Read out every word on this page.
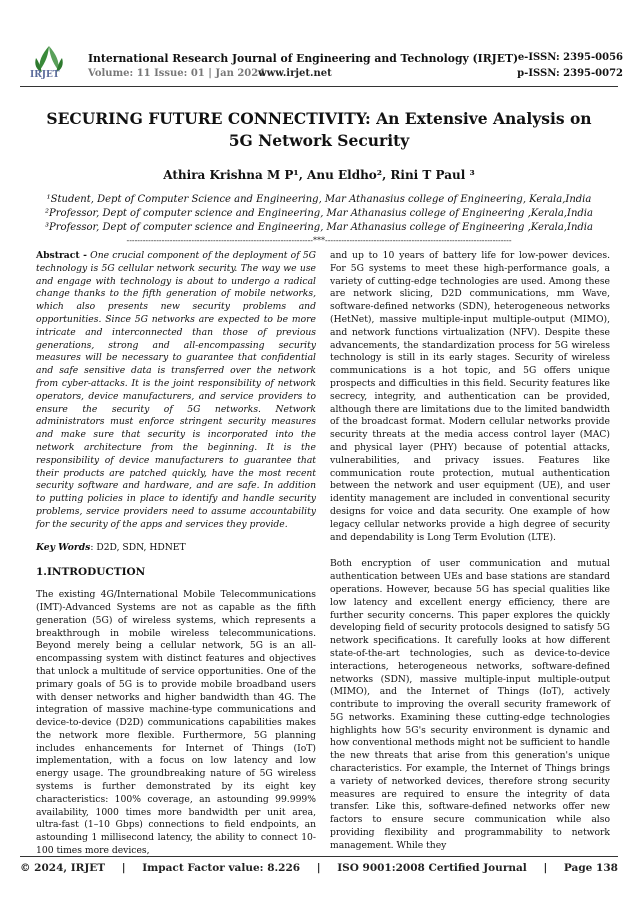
IRJET
International Research Journal of Engineering and Technology (IRJET)
Volume: 11 Issue: 01 | Jan 2024
www.irjet.net
e-ISSN: 2395-0056
p-ISSN: 2395-0072
SECURING FUTURE CONNECTIVITY: An Extensive Analysis on 5G Network Security
Athira Krishna M P¹, Anu Eldho², Rini T Paul ³
¹Student, Dept of Computer Science and Engineering, Mar Athanasius college of Engineering, Kerala,India
²Professor, Dept of computer science and Engineering, Mar Athanasius college of Engineering ,Kerala,India
³Professor, Dept of computer science and Engineering, Mar Athanasius college of Engineering ,Kerala,India
---------------------------------------------------------------------***---------------------------------------------------------------------

Abstract - One crucial component of the deployment of 5G technology is 5G cellular network security. The way we use and engage with technology is about to undergo a radical change thanks to the fifth generation of mobile networks, which also presents new security problems and opportunities. Since 5G networks are expected to be more intricate and interconnected than those of previous generations, strong and all-encompassing security measures will be necessary to guarantee that confidential and safe sensitive data is transferred over the network from cyber-attacks. It is the joint responsibility of network operators, device manufacturers, and service providers to ensure the security of 5G networks. Network administrators must enforce stringent security measures and make sure that security is incorporated into the network architecture from the beginning. It is the responsibility of device manufacturers to guarantee that their products are patched quickly, have the most recent security software and hardware, and are safe. In addition to putting policies in place to identify and handle security problems, service providers need to assume accountability for the security of the apps and services they provide.

Key Words: D2D, SDN, HDNET

1.INTRODUCTION

The existing 4G/International Mobile Telecommunications (IMT)-Advanced Systems are not as capable as the fifth generation (5G) of wireless systems, which represents a breakthrough in mobile wireless telecommunications. Beyond merely being a cellular network, 5G is an all-encompassing system with distinct features and objectives that unlock a multitude of service opportunities. One of the primary goals of 5G is to provide mobile broadband users with denser networks and higher bandwidth than 4G. The integration of massive machine-type communications and device-to-device (D2D) communications capabilities makes the network more flexible. Furthermore, 5G planning includes enhancements for Internet of Things (IoT) implementation, with a focus on low latency and low energy usage. The groundbreaking nature of 5G wireless systems is further demonstrated by its eight key characteristics: 100% coverage, an astounding 99.999% availability, 1000 times more bandwidth per unit area, ultra-fast (1–10 Gbps) connections to field endpoints, an astounding 1 millisecond latency, the ability to connect 10-100 times more devices,

and up to 10 years of battery life for low-power devices. For 5G systems to meet these high-performance goals, a variety of cutting-edge technologies are used. Among these are network slicing, D2D communications, mm Wave, software-defined networks (SDN), heterogeneous networks (HetNet), massive multiple-input multiple-output (MIMO), and network functions virtualization (NFV). Despite these advancements, the standardization process for 5G wireless technology is still in its early stages. Security of wireless communications is a hot topic, and 5G offers unique prospects and difficulties in this field. Security features like secrecy, integrity, and authentication can be provided, although there are limitations due to the limited bandwidth of the broadcast format. Modern cellular networks provide security threats at the media access control layer (MAC) and physical layer (PHY) because of potential attacks, vulnerabilities, and privacy issues. Features like communication route protection, mutual authentication between the network and user equipment (UE), and user identity management are included in conventional security designs for voice and data security. One example of how legacy cellular networks provide a high degree of security and dependability is Long Term Evolution (LTE).

Both encryption of user communication and mutual authentication between UEs and base stations are standard operations. However, because 5G has special qualities like low latency and excellent energy efficiency, there are further security concerns. This paper explores the quickly developing field of security protocols designed to satisfy 5G network specifications. It carefully looks at how different state-of-the-art technologies, such as device-to-device interactions, heterogeneous networks, software-defined networks (SDN), massive multiple-input multiple-output (MIMO), and the Internet of Things (IoT), actively contribute to improving the overall security framework of 5G networks. Examining these cutting-edge technologies highlights how 5G's security environment is dynamic and how conventional methods might not be sufficient to handle the new threats that arise from this generation's unique characteristics. For example, the Internet of Things brings a variety of networked devices, therefore strong security measures are required to ensure the integrity of data transfer. Like this, software-defined networks offer new factors to ensure secure communication while also providing flexibility and programmability to network management. While they

© 2024, IRJET | Impact Factor value: 8.226 | ISO 9001:2008 Certified Journal | Page 138
